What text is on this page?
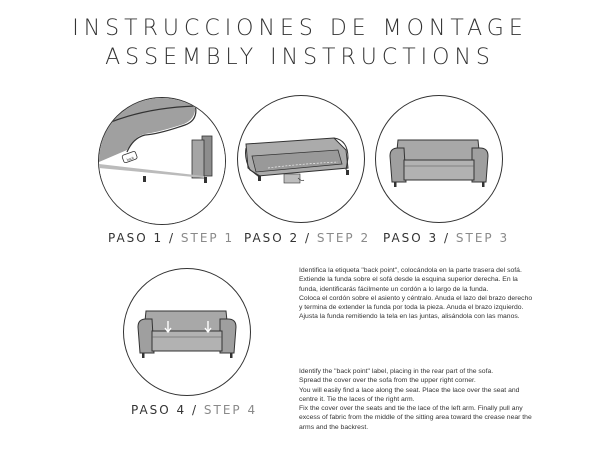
INSTRUCCIONES DE MONTAGE
ASSEMBLY INSTRUCTIONS
back
DETRÁS
BACK
PASO 1 / STEP 1 PASO 2 / STEP 2 PASO 3 / STEP 3
PASO 4 / STEP 4

Identifica la etiqueta "back point", colocándola en la parte trasera del sofá.

Extiende la funda sobre el sofá desde la esquina superior derecha. En la funda, identificarás fácilmente un cordón a lo largo de la funda.

Coloca el cordón sobre el asiento y céntralo. Anuda el lazo del brazo derecho y termina de extender la funda por toda la pieza. Anuda el brazo izquierdo. Ajusta la funda remitiendo la tela en las juntas, alisándola con las manos.

Identify the "back point" label, placing in the rear part of the sofa.

Spread the cover over the sofa from the upper right corner.

You will easily find a lace along the seat. Place the lace over the seat and centre it. Tie the laces of the right arm.

Fix the cover over the seats and tie the lace of the left arm. Finally pull any excess of fabric from the middle of the sitting area toward the crease near the arms and the backrest.
